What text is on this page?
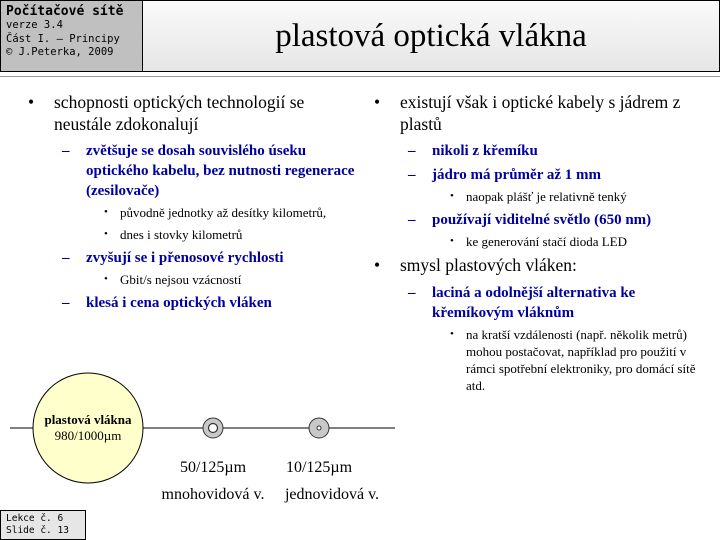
Počítačové sítě
verze 3.4
Část I. – Principy
© J.Peterka, 2009	plastová optická vlákna
• schopnosti optických technologií se neustále zdokonalují
– zvětšuje se dosah souvislého úseku optického kabelu, bez nutnosti regenerace (zesilovače)
• původně jednotky až desítky kilometrů,
• dnes i stovky kilometrů
– zvyšují se i přenosové rychlosti
• Gbit/s nejsou vzácností
– klesá i cena optických vláken
• existují však i optické kabely s jádrem z plastů
– nikoli z křemíku
– jádro má průměr až 1 mm
• naopak plášť je relativně tenký
– používají viditelné světlo (650 nm)
• ke generování stačí dioda LED
• smysl plastových vláken:
– laciná a odolnější alternativa ke křemíkovým vláknům
• na kratší vzdálenosti (např. několik metrů) mohou postačovat, například pro použití v rámci spotřební elektroniky, pro domácí sítě atd.
plastová vlákna
980/1000µm
50/125µm
mnohovidová v.
10/125µm
jednovidová v.
Lekce č. 6
Slide č. 13
